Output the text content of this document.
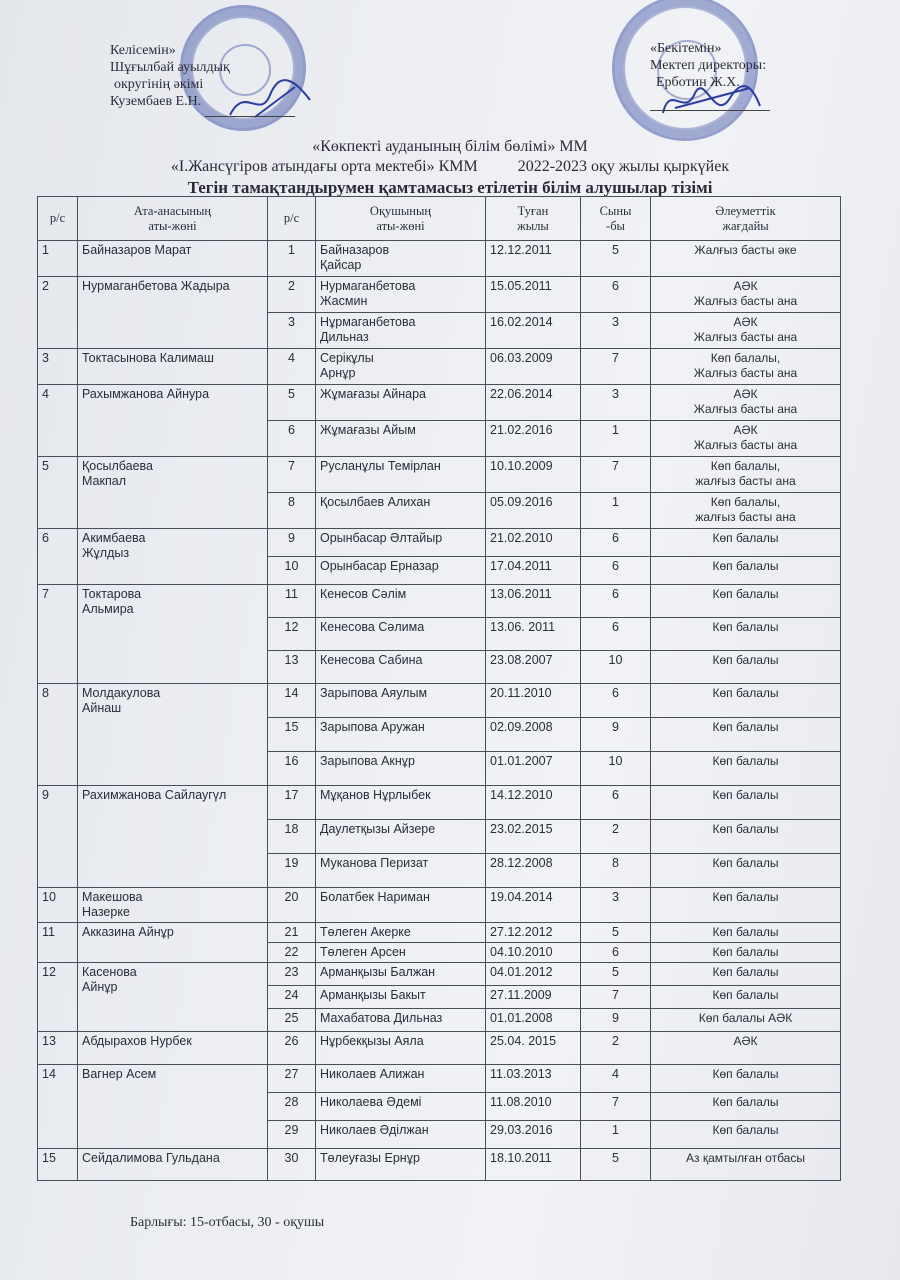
Келісемін»
Шұғылбай ауылдық
округінің әкімі
Кузембаев Е.Н.
«Бекітемін»
Мектеп директоры:
Ерботин Ж.Х.
«Көкпекті ауданының білім бөлімі» ММ
«І.Жансүгіров атындағы орта мектебі» КММ	2022-2023 оқу жылы қыркүйек
Тегін тамақтандырумен қамтамасыз етілетін білім алушылар тізімі
р/с	Ата-анасының
аты-жөні	р/с	Оқушының
аты-жөні	Туған
жылы	Сыны
-бы	Әлеуметтік
жағдайы
1	Байназаров Марат	1	Байназаров
Қайсар	12.12.2011	5	Жалғыз басты әке
2	Нурмаганбетова Жадыра	2	Нурмаганбетова
Жасмин	15.05.2011	6	АӘК
Жалғыз басты ана
		3	Нұрмаганбетова
Дильназ	16.02.2014	3	АӘК
Жалғыз басты ана
3	Токтасынова Калимаш	4	Серікұлы
Арнұр	06.03.2009	7	Көп балалы,
Жалғыз басты ана
4	Рахымжанова Айнура	5	Жұмағазы Айнара	22.06.2014	3	АӘК
Жалғыз басты ана
		6	Жұмағазы Айым	21.02.2016	1	АӘК
Жалғыз басты ана
5	Қосылбаева
Макпал	7	Русланұлы Темірлан	10.10.2009	7	Көп балалы,
жалғыз басты ана
		8	Қосылбаев Алихан	05.09.2016	1	Көп балалы,
жалғыз басты ана
6	Акимбаева
Жұлдыз	9	Орынбасар Әлтайыр	21.02.2010	6	Көп балалы
		10	Орынбасар Ерназар	17.04.2011	6	Көп балалы
7	Токтарова
Альмира	11	Кенесов Сәлім	13.06.2011	6	Көп балалы
		12	Кенесова Сәлима	13.06. 2011	6	Көп балалы
		13	Кенесова Сабина	23.08.2007	10	Көп балалы
8	Молдакулова
Айнаш	14	Зарыпова Аяулым	20.11.2010	6	Көп балалы
		15	Зарыпова Аружан	02.09.2008	9	Көп балалы
		16	Зарыпова Акнұр	01.01.2007	10	Көп балалы
9	Рахимжанова Сайлаугүл	17	Мұқанов Нұрлыбек	14.12.2010	6	Көп балалы
		18	Даулетқызы Айзере	23.02.2015	2	Көп балалы
		19	Муканова Перизат	28.12.2008	8	Көп балалы
10	Макешова
Назерке	20	Болатбек Нариман	19.04.2014	3	Көп балалы
11	Акказина Айнұр	21	Төлеген Акерке	27.12.2012	5	Көп балалы
		22	Төлеген Арсен	04.10.2010	6	Көп балалы
12	Касенова
Айнұр	23	Арманқызы Балжан	04.01.2012	5	Көп балалы
		24	Арманқызы Бакыт	27.11.2009	7	Көп балалы
		25	Махабатова Дильназ	01.01.2008	9	Көп балалы АӘК
13	Абдырахов Нурбек	26	Нұрбекқызы Аяла	25.04. 2015	2	АӘК
14	Вагнер Асем	27	Николаев Алижан	11.03.2013	4	Көп балалы
		28	Николаева Әдемі	11.08.2010	7	Көп балалы
		29	Николаев Әділжан	29.03.2016	1	Көп балалы
15	Сейдалимова Гульдана	30	Төлеуғазы Ернұр	18.10.2011	5	Аз қамтылған отбасы
Барлығы: 15-отбасы, 30 - оқушы
